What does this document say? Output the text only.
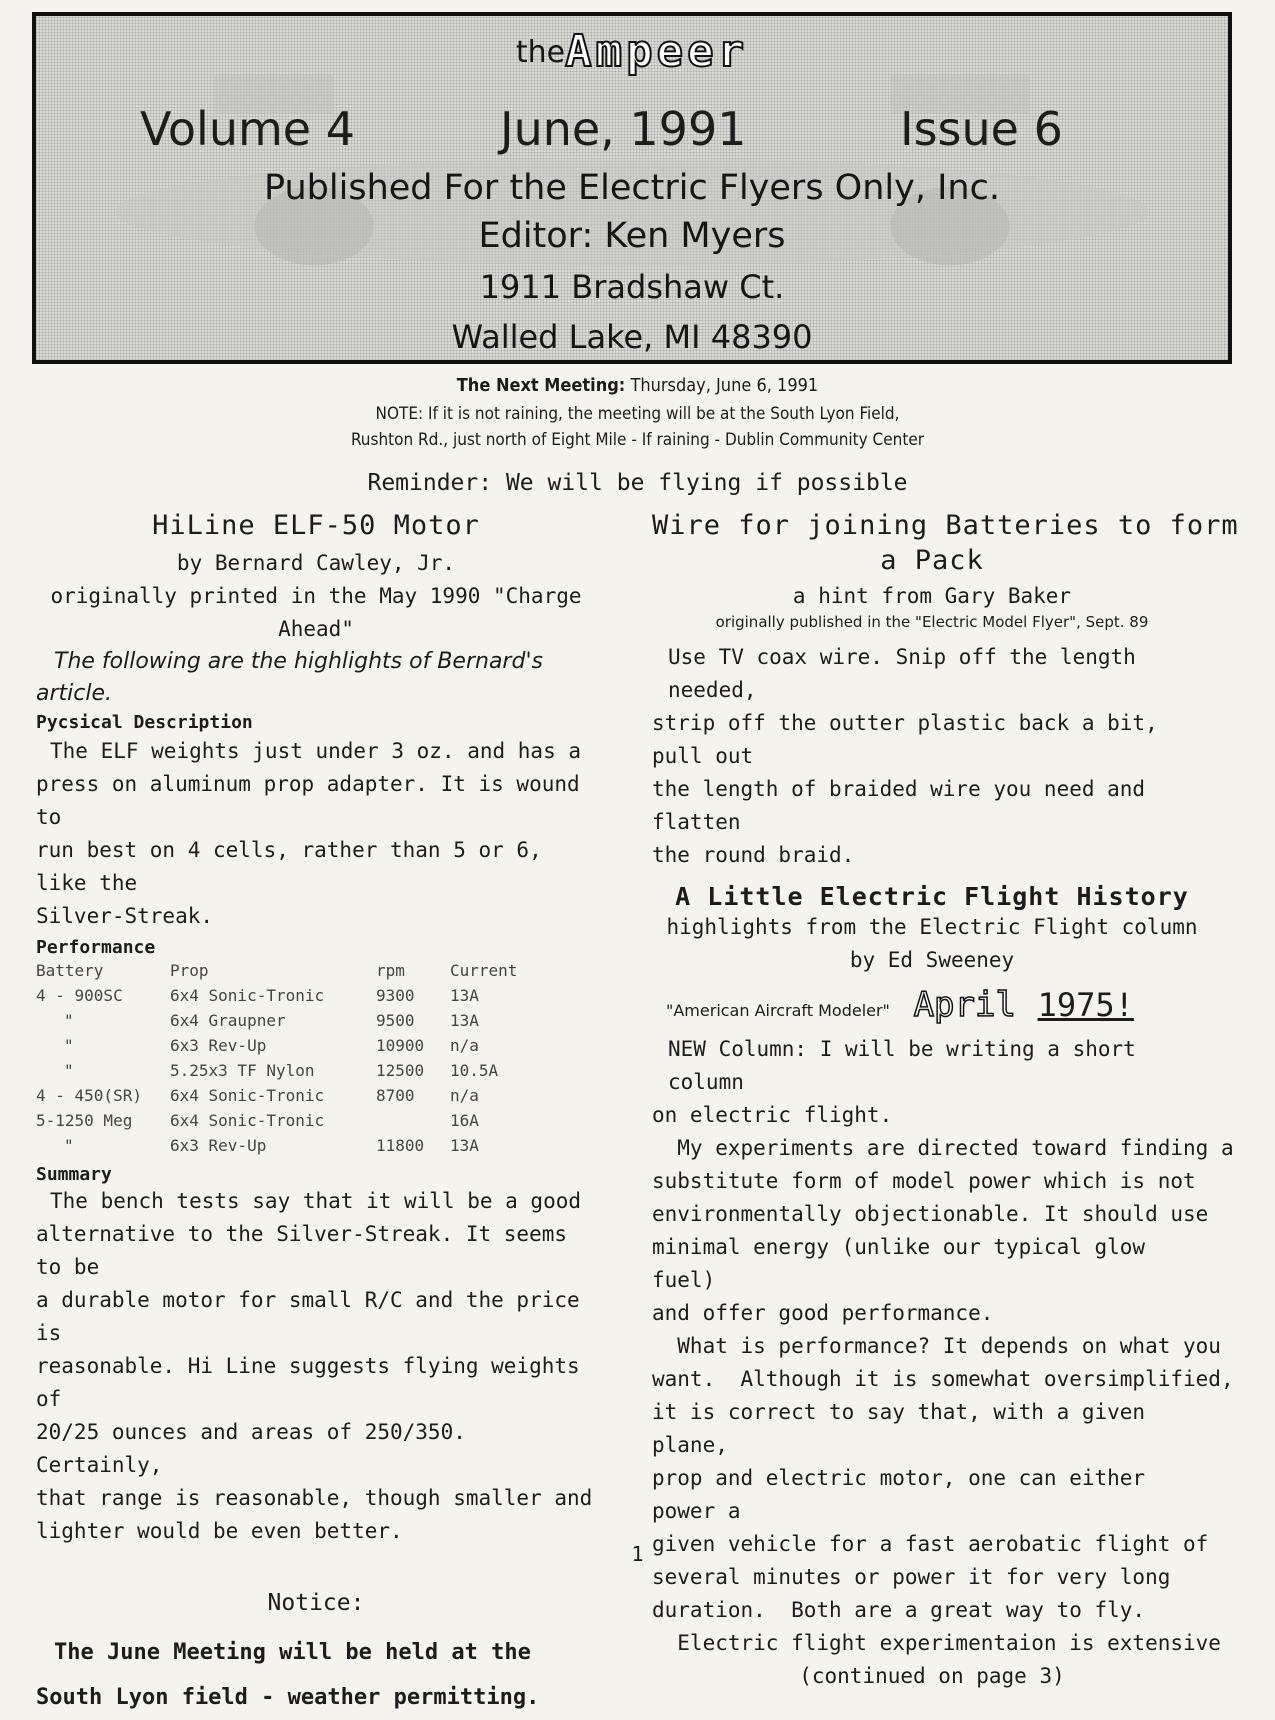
theAmpeer
Volume 4	June, 1991	Issue 6
Published For the Electric Flyers Only, Inc.
Editor: Ken Myers
1911 Bradshaw Ct.
Walled Lake, MI 48390
The Next Meeting: Thursday, June 6, 1991
NOTE: If it is not raining, the meeting will be at the South Lyon Field,
Rushton Rd., just north of Eight Mile - If raining - Dublin Community Center
Reminder: We will be flying if possible
HiLine ELF-50 Motor
by Bernard Cawley, Jr.
originally printed in the May 1990 "Charge
Ahead"
The following are the highlights of Bernard's
article.
Pycsical Description
The ELF weights just under 3 oz. and has a
press on aluminum prop adapter. It is wound to
run best on 4 cells, rather than 5 or 6, like the
Silver-Streak.
Performance
Battery	Prop	rpm	Current
4 - 900SC	6x4 Sonic-Tronic	9300	13A
"	6x4 Graupner	9500	13A
"	6x3 Rev-Up	10900	n/a
"	5.25x3 TF Nylon	12500	10.5A
4 - 450(SR)	6x4 Sonic-Tronic	8700	n/a
5-1250 Meg	6x4 Sonic-Tronic		16A
"	6x3 Rev-Up	11800	13A
Summary
The bench tests say that it will be a good
alternative to the Silver-Streak. It seems to be
a durable motor for small R/C and the price is
reasonable. Hi Line suggests flying weights of
20/25 ounces and areas of 250/350. Certainly,
that range is reasonable, though smaller and
lighter would be even better.
Notice:
The June Meeting will be held at the
South Lyon field - weather permitting.
Wire for joining Batteries to form
a Pack
a hint from Gary Baker
originally published in the "Electric Model Flyer", Sept. 89
Use TV coax wire. Snip off the length needed,
strip off the outter plastic back a bit, pull out
the length of braided wire you need and flatten
the round braid.
A Little Electric Flight History
highlights from the Electric Flight column
by Ed Sweeney
"American Aircraft Modeler" April 1975!
NEW Column: I will be writing a short column
on electric flight.
My experiments are directed toward finding a
substitute form of model power which is not
environmentally objectionable. It should use
minimal energy (unlike our typical glow fuel)
and offer good performance.
What is performance? It depends on what you
want.  Although it is somewhat oversimplified,
it is correct to say that, with a given plane,
prop and electric motor, one can either power a
given vehicle for a fast aerobatic flight of
several minutes or power it for very long
duration.  Both are a great way to fly.
Electric flight experimentaion is extensive
(continued on page 3)
1
